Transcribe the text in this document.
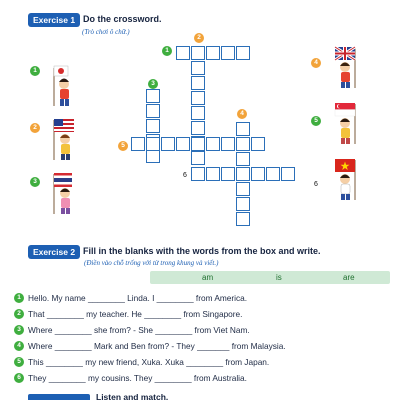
Exercise 1 Do the crossword.
(Trò chơi ô chữ.)
1
2
3
4
5
6
1
2
3
4
5
6
Exercise 2 Fill in the blanks with the words from the box and write.
(Điền vào chỗ trống với từ trong khung và viết.)
am	is	are
1 Hello. My name ________ Linda. I ________ from America.
2 That ________ my teacher. He ________ from Singapore.
3 Where ________ she from? - She ________ from Viet Nam.
4 Where ________ Mark and Ben from? - They _______ from Malaysia.
5 This ________ my new friend, Xuka. Xuka ________ from Japan.
6 They ________ my cousins. They ________ from Australia.
Listen and match.
